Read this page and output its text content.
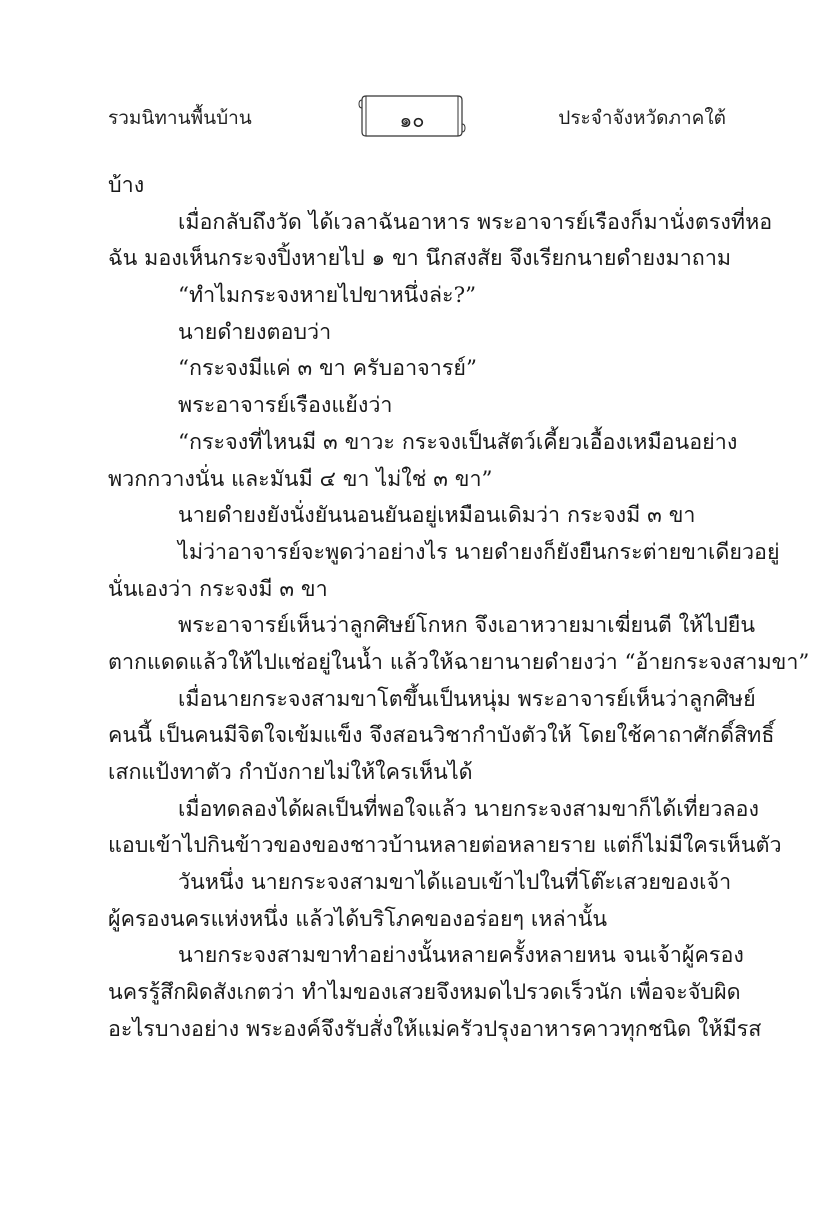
รวมนิทานพื้นบ้าน	๑๐	ประจำจังหวัดภาคใต้
บ้าง
เมื่อกลับถึงวัด ได้เวลาฉันอาหาร พระอาจารย์เรืองก็มานั่งตรงที่หอ
ฉัน มองเห็นกระจงปิ้งหายไป ๑ ขา นึกสงสัย จึงเรียกนายดำยงมาถาม
“ทำไมกระจงหายไปขาหนึ่งล่ะ?”
นายดำยงตอบว่า
“กระจงมีแค่ ๓ ขา ครับอาจารย์”
พระอาจารย์เรืองแย้งว่า
“กระจงที่ไหนมี ๓ ขาวะ กระจงเป็นสัตว์เคี้ยวเอื้องเหมือนอย่าง
พวกกวางนั่น และมันมี ๔ ขา ไม่ใช่ ๓ ขา”
นายดำยงยังนั่งยันนอนยันอยู่เหมือนเดิมว่า กระจงมี ๓ ขา
ไม่ว่าอาจารย์จะพูดว่าอย่างไร นายดำยงก็ยังยืนกระต่ายขาเดียวอยู่
นั่นเองว่า กระจงมี ๓ ขา
พระอาจารย์เห็นว่าลูกศิษย์โกหก จึงเอาหวายมาเฆี่ยนตี ให้ไปยืน
ตากแดดแล้วให้ไปแช่อยู่ในน้ำ แล้วให้ฉายานายดำยงว่า “อ้ายกระจงสามขา”
เมื่อนายกระจงสามขาโตขึ้นเป็นหนุ่ม พระอาจารย์เห็นว่าลูกศิษย์
คนนี้ เป็นคนมีจิตใจเข้มแข็ง จึงสอนวิชากำบังตัวให้ โดยใช้คาถาศักดิ์สิทธิ์
เสกแป้งทาตัว กำบังกายไม่ให้ใครเห็นได้
เมื่อทดลองได้ผลเป็นที่พอใจแล้ว นายกระจงสามขาก็ได้เที่ยวลอง
แอบเข้าไปกินข้าวของของชาวบ้านหลายต่อหลายราย แต่ก็ไม่มีใครเห็นตัว
วันหนึ่ง นายกระจงสามขาได้แอบเข้าไปในที่โต๊ะเสวยของเจ้า
ผู้ครองนครแห่งหนึ่ง แล้วได้บริโภคของอร่อยๆ เหล่านั้น
นายกระจงสามขาทำอย่างนั้นหลายครั้งหลายหน จนเจ้าผู้ครอง
นครรู้สึกผิดสังเกตว่า ทำไมของเสวยจึงหมดไปรวดเร็วนัก เพื่อจะจับผิด
อะไรบางอย่าง พระองค์จึงรับสั่งให้แม่ครัวปรุงอาหารคาวทุกชนิด ให้มีรส
